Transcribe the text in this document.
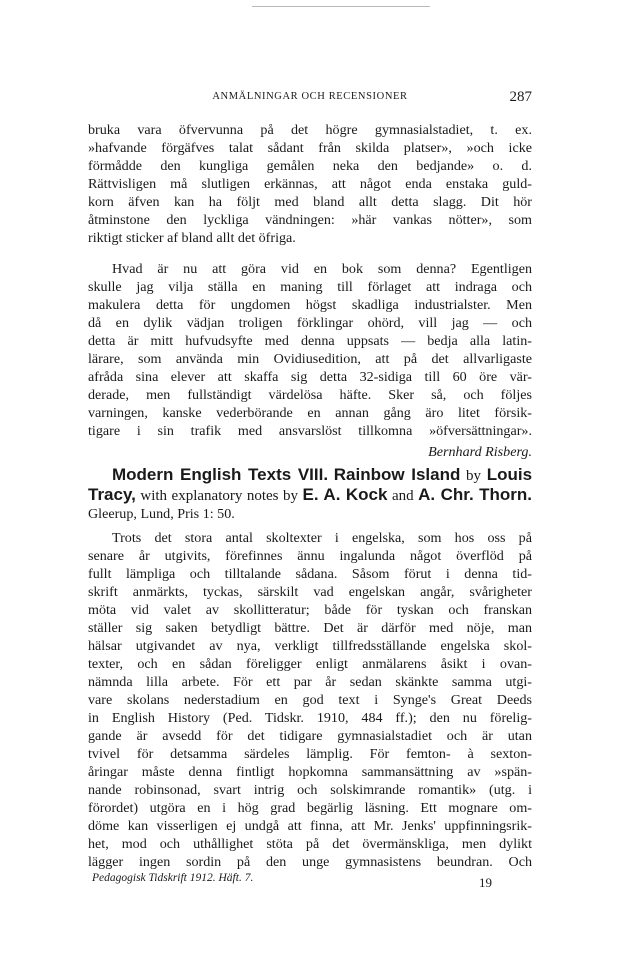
ANMÄLNINGAR OCH RECENSIONER	287
bruka vara öfvervunna på det högre gymnasialstadiet, t. ex.
»hafvande förgäfves talat sådant från skilda platser», »och icke
förmådde den kungliga gemålen neka den bedjande» o. d.
Rättvisligen må slutligen erkännas, att något enda enstaka guld-
korn äfven kan ha följt med bland allt detta slagg. Dit hör
åtminstone den lyckliga vändningen: »här vankas nötter», som
riktigt sticker af bland allt det öfriga.
Hvad är nu att göra vid en bok som denna? Egentligen
skulle jag vilja ställa en maning till förlaget att indraga och
makulera detta för ungdomen högst skadliga industrialster. Men
då en dylik vädjan troligen förklingar ohörd, vill jag — och
detta är mitt hufvudsyfte med denna uppsats — bedja alla latin-
lärare, som använda min Ovidiusedition, att på det allvarligaste
afråda sina elever att skaffa sig detta 32-sidiga till 60 öre vär-
derade, men fullständigt värdelösa häfte. Sker så, och följes
varningen, kanske vederbörande en annan gång äro litet försik-
tigare i sin trafik med ansvarslöst tillkomna »öfversättningar».
Bernhard Risberg.
Modern English Texts VIII. Rainbow Island by Louis
Tracy, with explanatory notes by E. A. Kock and A. Chr. Thorn.
Gleerup, Lund, Pris 1: 50.
Trots det stora antal skoltexter i engelska, som hos oss på
senare år utgivits, förefinnes ännu ingalunda något överflöd på
fullt lämpliga och tilltalande sådana. Såsom förut i denna tid-
skrift anmärkts, tyckas, särskilt vad engelskan angår, svårigheter
möta vid valet av skollitteratur; både för tyskan och franskan
ställer sig saken betydligt bättre. Det är därför med nöje, man
hälsar utgivandet av nya, verkligt tillfredsställande engelska skol-
texter, och en sådan föreligger enligt anmälarens åsikt i ovan-
nämnda lilla arbete. För ett par år sedan skänkte samma utgi-
vare skolans nederstadium en god text i Synge's Great Deeds
in English History (Ped. Tidskr. 1910, 484 ff.); den nu förelig-
gande är avsedd för det tidigare gymnasialstadiet och är utan
tvivel för detsamma särdeles lämplig. För femton- à sexton-
åringar måste denna fintligt hopkomna sammansättning av »spän-
nande robinsonad, svart intrig och solskimrande romantik» (utg. i
förordet) utgöra en i hög grad begärlig läsning. Ett mognare om-
döme kan visserligen ej undgå att finna, att Mr. Jenks' uppfinningsrik-
het, mod och uthållighet stöta på det övermänskliga, men dylikt
Pedagogisk Tidskrift 1912. Häft. 7.	19
lägger ingen sordin på den unge gymnasistens beundran. Och
